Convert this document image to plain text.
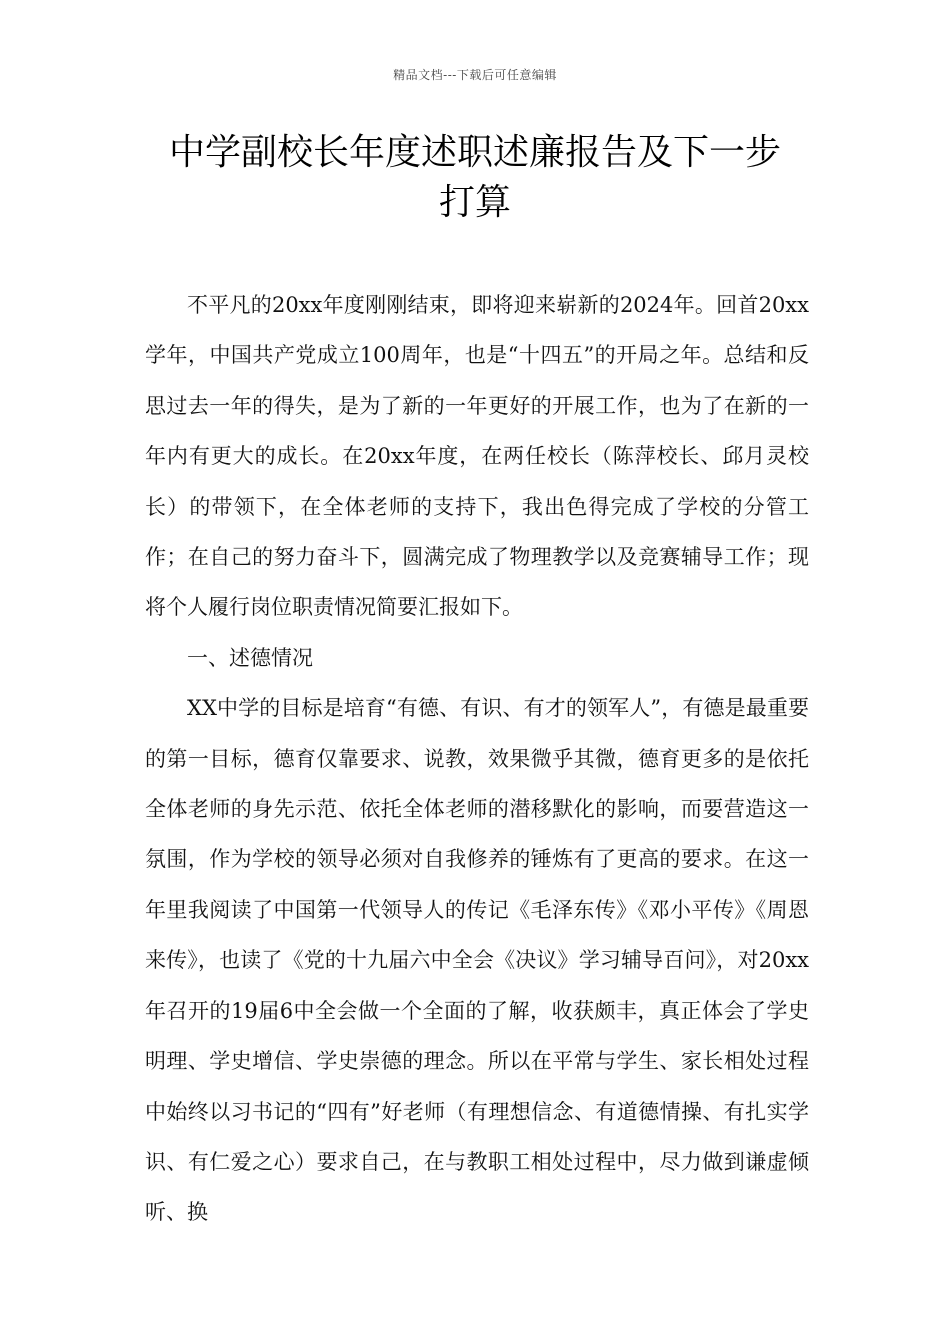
精品文档---下载后可任意编辑
中学副校长年度述职述廉报告及下一步
打算

不平凡的20xx年度刚刚结束，即将迎来崭新的2024年。回首20xx学年，中国共产党成立100周年，也是“十四五”的开局之年。总结和反思过去一年的得失，是为了新的一年更好的开展工作，也为了在新的一年内有更大的成长。在20xx年度，在两任校长（陈萍校长、邱月灵校长）的带领下，在全体老师的支持下，我出色得完成了学校的分管工作；在自己的努力奋斗下，圆满完成了物理教学以及竞赛辅导工作；现将个人履行岗位职责情况简要汇报如下。

一、述德情况

XX中学的目标是培育“有德、有识、有才的领军人”，有德是最重要的第一目标，德育仅靠要求、说教，效果微乎其微，德育更多的是依托全体老师的身先示范、依托全体老师的潜移默化的影响，而要营造这一氛围，作为学校的领导必须对自我修养的锤炼有了更高的要求。在这一年里我阅读了中国第一代领导人的传记《毛泽东传》《邓小平传》《周恩来传》，也读了《党的十九届六中全会《决议》学习辅导百问》，对20xx年召开的19届6中全会做一个全面的了解，收获颇丰，真正体会了学史明理、学史增信、学史崇德的理念。所以在平常与学生、家长相处过程中始终以习书记的“四有”好老师（有理想信念、有道德情操、有扎实学识、有仁爱之心）要求自己，在与教职工相处过程中，尽力做到谦虚倾听、换
